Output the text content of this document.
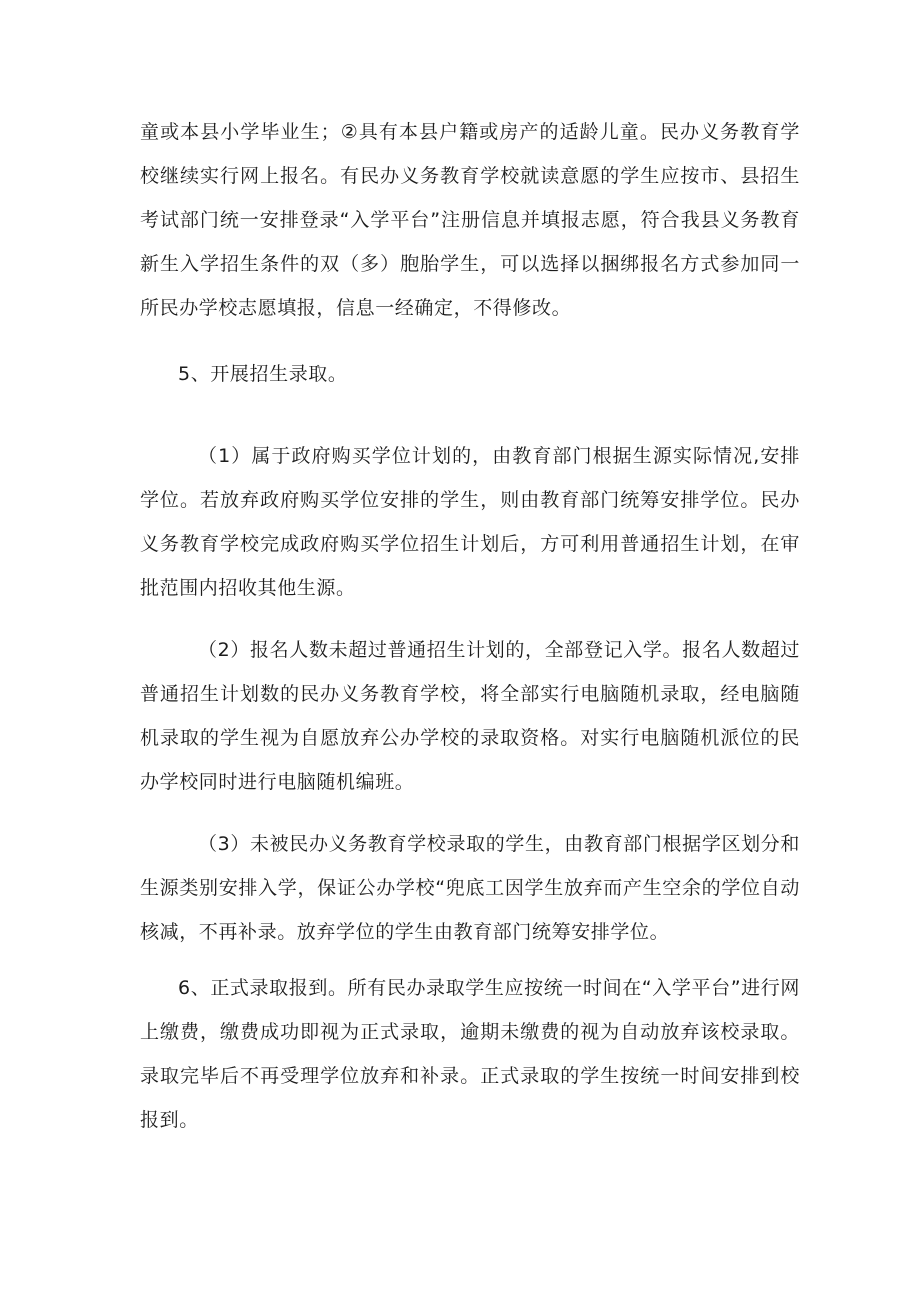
童或本县小学毕业生；②具有本县户籍或房产的适龄儿童。民办义务教育学校继续实行网上报名。有民办义务教育学校就读意愿的学生应按市、县招生考试部门统一安排登录“入学平台”注册信息并填报志愿，符合我县义务教育新生入学招生条件的双（多）胞胎学生，可以选择以捆绑报名方式参加同一所民办学校志愿填报，信息一经确定，不得修改。

5、开展招生录取。

（1）属于政府购买学位计划的，由教育部门根据生源实际情况,安排学位。若放弃政府购买学位安排的学生，则由教育部门统筹安排学位。民办义务教育学校完成政府购买学位招生计划后，方可利用普通招生计划，在审批范围内招收其他生源。

（2）报名人数未超过普通招生计划的，全部登记入学。报名人数超过普通招生计划数的民办义务教育学校，将全部实行电脑随机录取，经电脑随机录取的学生视为自愿放弃公办学校的录取资格。对实行电脑随机派位的民办学校同时进行电脑随机编班。

（3）未被民办义务教育学校录取的学生，由教育部门根据学区划分和生源类别安排入学，保证公办学校“兜底工因学生放弃而产生空余的学位自动核减，不再补录。放弃学位的学生由教育部门统筹安排学位。

6、正式录取报到。所有民办录取学生应按统一时间在“入学平台”进行网上缴费，缴费成功即视为正式录取，逾期未缴费的视为自动放弃该校录取。录取完毕后不再受理学位放弃和补录。正式录取的学生按统一时间安排到校报到。
